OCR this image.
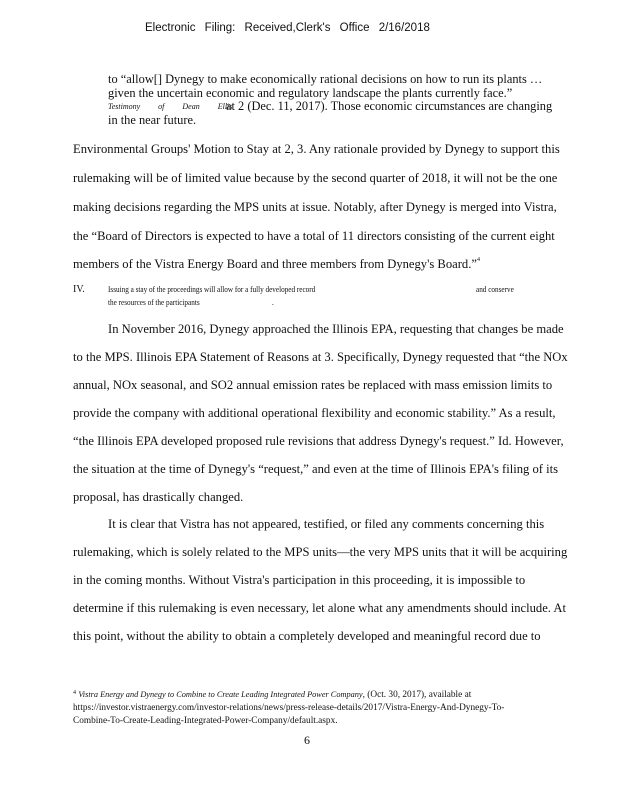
Electronic Filing: Received,Clerk's Office 2/16/2018
to “allow[] Dynegy to make economically rational decisions on how to run its plants …
given the uncertain economic and regulatory landscape the plants currently face.”
Testimony of Dean Ellis
at 2 (Dec. 11, 2017). Those economic circumstances are changing
in the near future.
Environmental Groups' Motion to Stay at 2, 3. Any rationale provided by Dynegy to support this
rulemaking will be of limited value because by the second quarter of 2018, it will not be the one
making decisions regarding the MPS units at issue. Notably, after Dynegy is merged into Vistra,
the “Board of Directors is expected to have a total of 11 directors consisting of the current eight
members of the Vistra Energy Board and three members from Dynegy's Board.”$^4$
IV.	Issuing a stay of the proceedings will allow for a fully developed record	and conserve
the resources of the participants	.
In November 2016, Dynegy approached the Illinois EPA, requesting that changes be made
to the MPS. Illinois EPA Statement of Reasons at 3. Specifically, Dynegy requested that “the NOx
annual, NOx seasonal, and SO2 annual emission rates be replaced with mass emission limits to
provide the company with additional operational flexibility and economic stability.” As a result,
“the Illinois EPA developed proposed rule revisions that address Dynegy's request.” Id. However,
the situation at the time of Dynegy's “request,” and even at the time of Illinois EPA's filing of its
proposal, has drastically changed.
It is clear that Vistra has not appeared, testified, or filed any comments concerning this
rulemaking, which is solely related to the MPS units—the very MPS units that it will be acquiring
in the coming months. Without Vistra's participation in this proceeding, it is impossible to
determine if this rulemaking is even necessary, let alone what any amendments should include. At
this point, without the ability to obtain a completely developed and meaningful record due to
$^4$ Vistra Energy and Dynegy to Combine to Create Leading Integrated Power Company, (Oct. 30, 2017), available at
https://investor.vistraenergy.com/investor-relations/news/press-release-details/2017/Vistra-Energy-And-Dynegy-To-
Combine-To-Create-Leading-Integrated-Power-Company/default.aspx.
6
